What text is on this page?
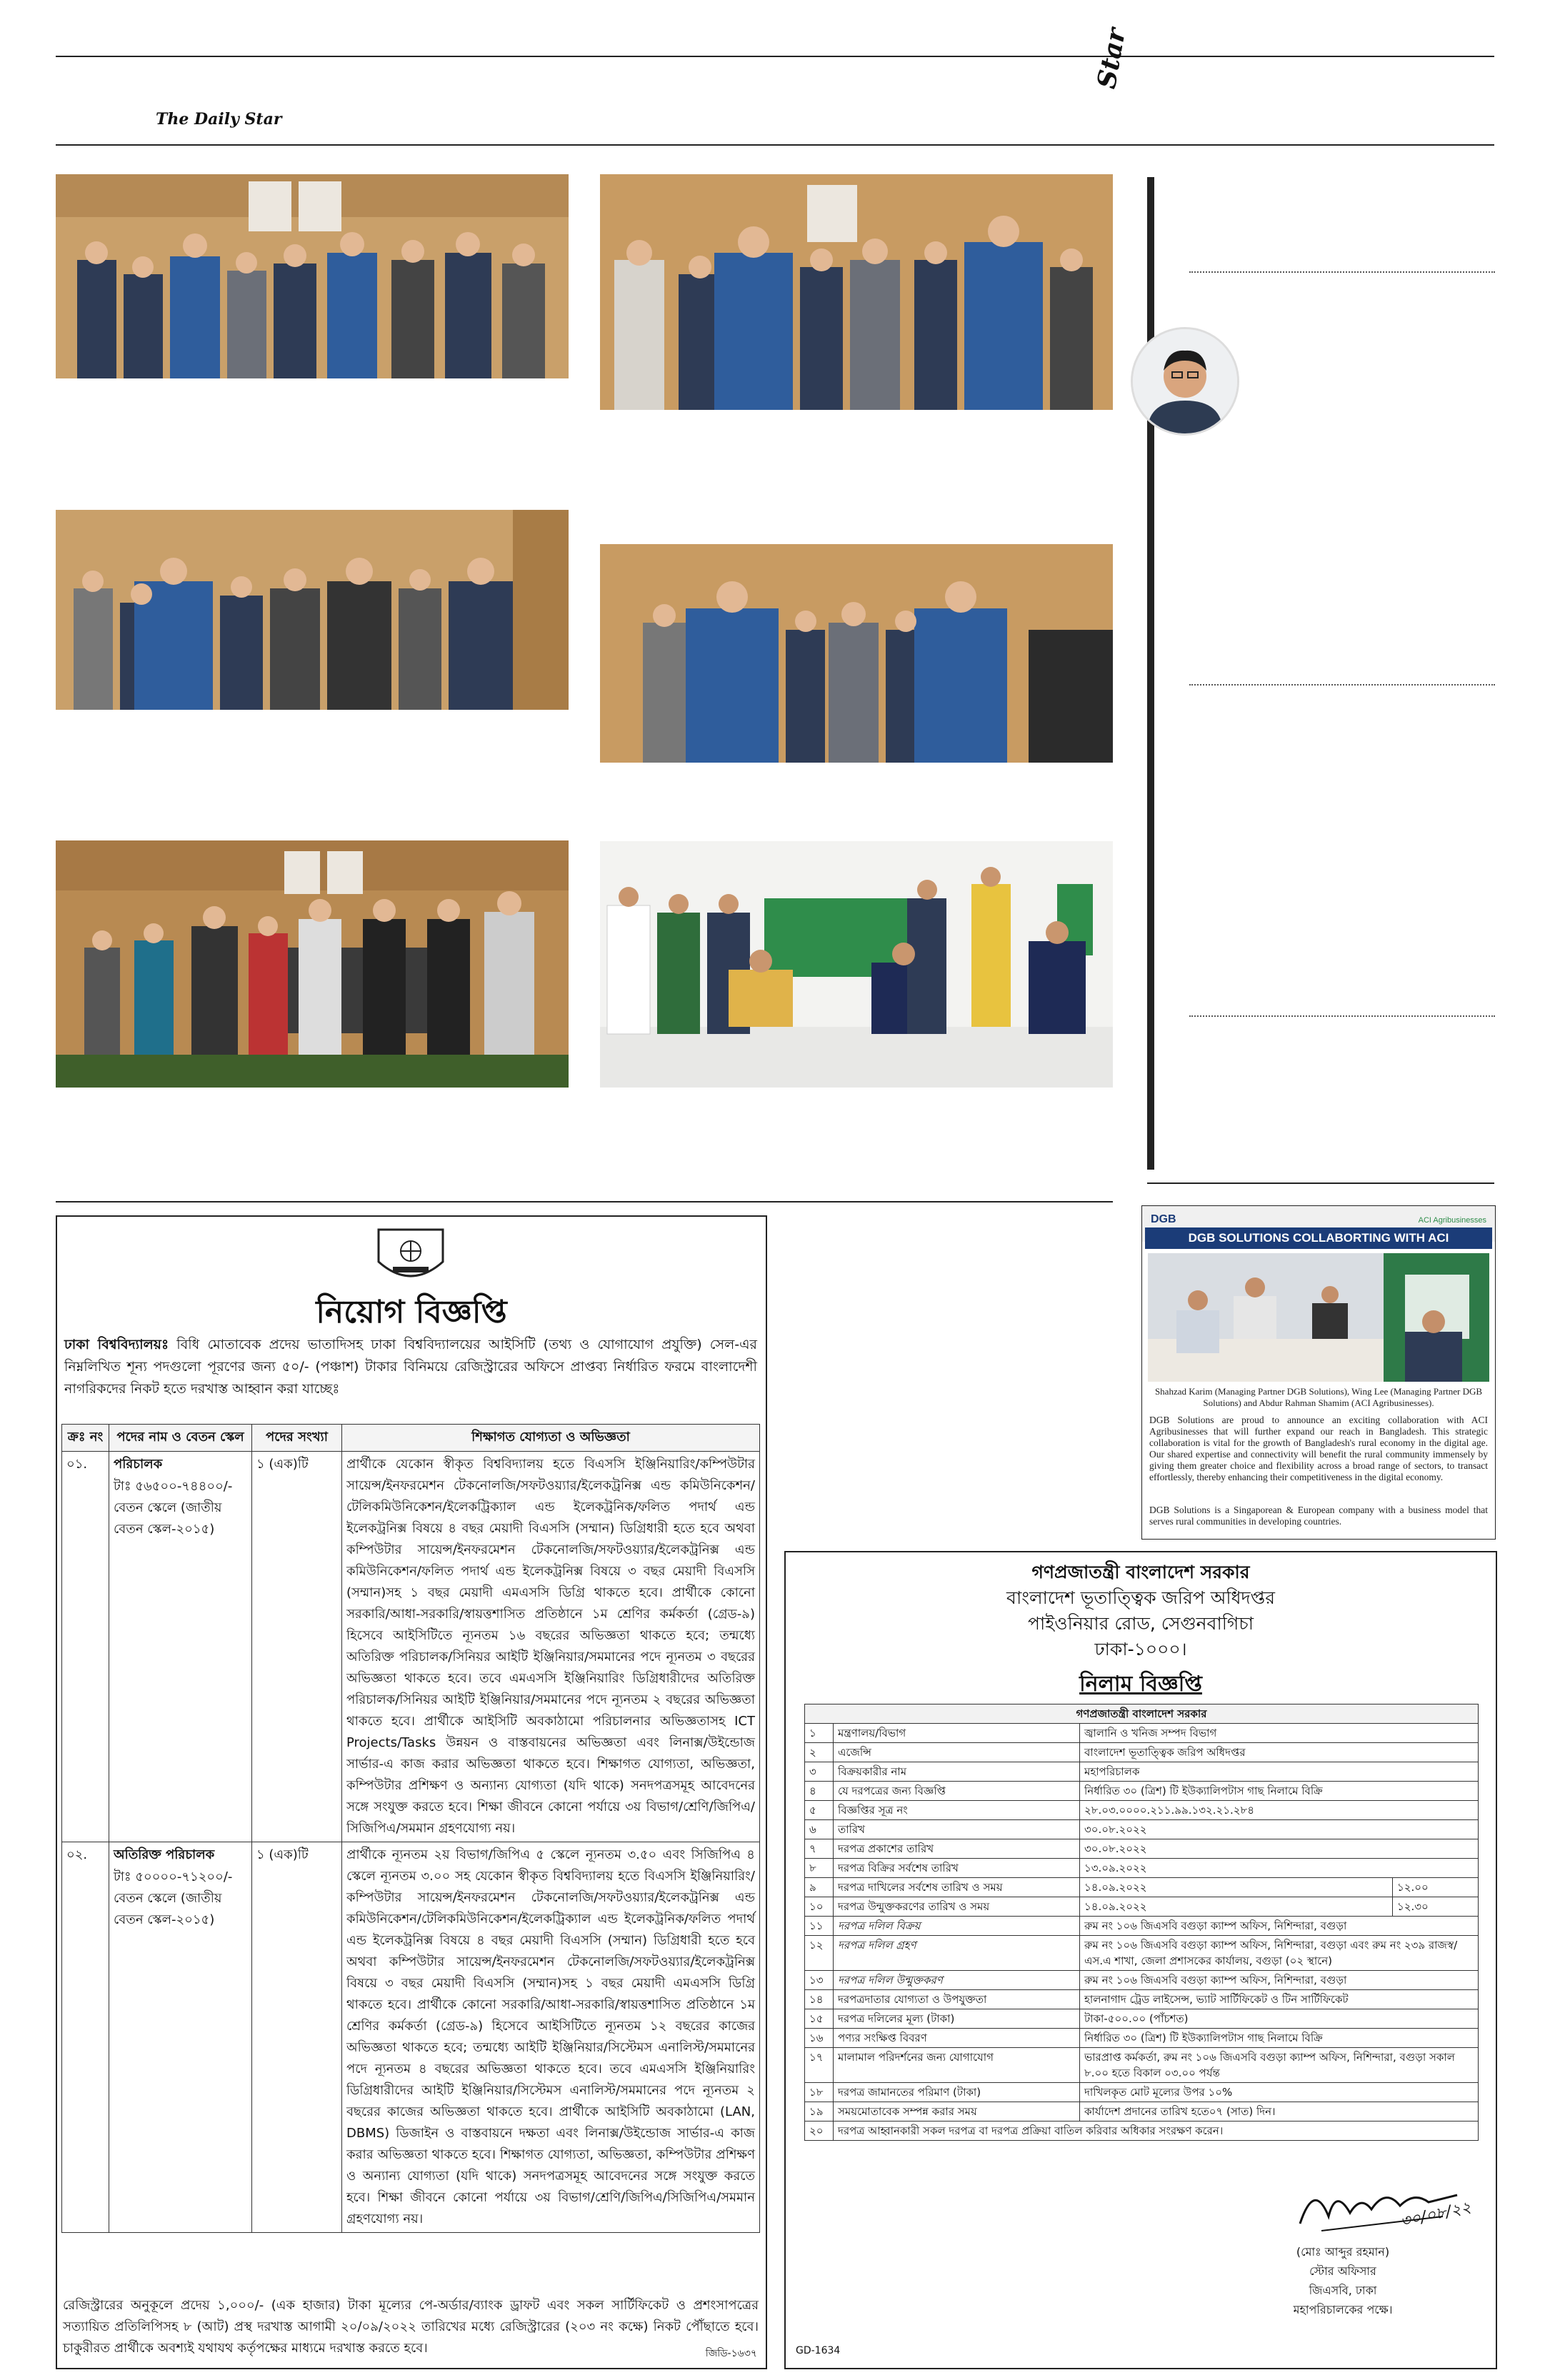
The Daily Star
Star
নিয়োগ বিজ্ঞপ্তি
ঢাকা বিশ্ববিদ্যালয়ঃ বিধি মোতাবেক প্রদেয় ভাতাদিসহ ঢাকা বিশ্ববিদ্যালয়ের আইসিটি (তথ্য ও যোগাযোগ প্রযুক্তি) সেল-এর নিম্নলিখিত শূন্য পদগুলো পূরণের জন্য ৫০/- (পঞ্চাশ) টাকার বিনিময়ে রেজিস্ট্রারের অফিসে প্রাপ্তব্য নির্ধারিত ফরমে বাংলাদেশী নাগরিকদের নিকট হতে দরখাস্ত আহ্বান করা যাচ্ছেঃ
ক্রঃ নং	পদের নাম ও বেতন স্কেল	পদের সংখ্যা	শিক্ষাগত যোগ্যতা ও অভিজ্ঞতা
০১.	পরিচালক
টাঃ ৫৬৫০০-৭৪৪০০/- বেতন স্কেলে (জাতীয় বেতন স্কেল-২০১৫)	১ (এক)টি	প্রার্থীকে যেকোন স্বীকৃত বিশ্ববিদ্যালয় হতে বিএসসি ইঞ্জিনিয়ারিং/কম্পিউটার সায়েন্স/ইনফরমেশন টেকনোলজি/সফটওয়্যার/ইলেকট্রনিক্স এন্ড কমিউনিকেশন/টেলিকমিউনিকেশন/ইলেকট্রিক্যাল এন্ড ইলেকট্রনিক/ফলিত পদার্থ এন্ড ইলেকট্রনিক্স বিষয়ে ৪ বছর মেয়াদী বিএসসি (সম্মান) ডিগ্রিধারী হতে হবে অথবা কম্পিউটার সায়েন্স/ইনফরমেশন টেকনোলজি/সফটওয়্যার/ইলেকট্রনিক্স এন্ড কমিউনিকেশন/ফলিত পদার্থ এন্ড ইলেকট্রনিক্স বিষয়ে ৩ বছর মেয়াদী বিএসসি (সম্মান)সহ ১ বছর মেয়াদী এমএসসি ডিগ্রি থাকতে হবে। প্রার্থীকে কোনো সরকারি/আধা-সরকারি/স্বায়ত্তশাসিত প্রতিষ্ঠানে ১ম শ্রেণির কর্মকর্তা (গ্রেড-৯) হিসেবে আইসিটিতে ন্যূনতম ১৬ বছরের অভিজ্ঞতা থাকতে হবে; তন্মধ্যে অতিরিক্ত পরিচালক/সিনিয়র আইটি ইঞ্জিনিয়ার/সমমানের পদে ন্যূনতম ৩ বছরের অভিজ্ঞতা থাকতে হবে। তবে এমএসসি ইঞ্জিনিয়ারিং ডিগ্রিধারীদের অতিরিক্ত পরিচালক/সিনিয়র আইটি ইঞ্জিনিয়ার/সমমানের পদে ন্যূনতম ২ বছরের অভিজ্ঞতা থাকতে হবে। প্রার্থীকে আইসিটি অবকাঠামো পরিচালনার অভিজ্ঞতাসহ ICT Projects/Tasks উন্নয়ন ও বাস্তবায়নের অভিজ্ঞতা এবং লিনাক্স/উইন্ডোজ সার্ভার-এ কাজ করার অভিজ্ঞতা থাকতে হবে। শিক্ষাগত যোগ্যতা, অভিজ্ঞতা, কম্পিউটার প্রশিক্ষণ ও অন্যান্য যোগ্যতা (যদি থাকে) সনদপত্রসমূহ আবেদনের সঙ্গে সংযুক্ত করতে হবে। শিক্ষা জীবনে কোনো পর্যায়ে ৩য় বিভাগ/শ্রেণি/জিপিএ/সিজিপিএ/সমমান গ্রহণযোগ্য নয়।
০২.	অতিরিক্ত পরিচালক
টাঃ ৫০০০০-৭১২০০/- বেতন স্কেলে (জাতীয় বেতন স্কেল-২০১৫)	১ (এক)টি	প্রার্থীকে ন্যূনতম ২য় বিভাগ/জিপিএ ৫ স্কেলে ন্যূনতম ৩.৫০ এবং সিজিপিএ ৪ স্কেলে ন্যূনতম ৩.০০ সহ যেকোন স্বীকৃত বিশ্ববিদ্যালয় হতে বিএসসি ইঞ্জিনিয়ারিং/কম্পিউটার সায়েন্স/ইনফরমেশন টেকনোলজি/সফটওয়্যার/ইলেকট্রনিক্স এন্ড কমিউনিকেশন/টেলিকমিউনিকেশন/ইলেকট্রিক্যাল এন্ড ইলেকট্রনিক/ফলিত পদার্থ এন্ড ইলেকট্রনিক্স বিষয়ে ৪ বছর মেয়াদী বিএসসি (সম্মান) ডিগ্রিধারী হতে হবে অথবা কম্পিউটার সায়েন্স/ইনফরমেশন টেকনোলজি/সফটওয়্যার/ইলেকট্রনিক্স বিষয়ে ৩ বছর মেয়াদী বিএসসি (সম্মান)সহ ১ বছর মেয়াদী এমএসসি ডিগ্রি থাকতে হবে। প্রার্থীকে কোনো সরকারি/আধা-সরকারি/স্বায়ত্তশাসিত প্রতিষ্ঠানে ১ম শ্রেণির কর্মকর্তা (গ্রেড-৯) হিসেবে আইসিটিতে ন্যূনতম ১২ বছরের কাজের অভিজ্ঞতা থাকতে হবে; তন্মধ্যে আইটি ইঞ্জিনিয়ার/সিস্টেমস এনালিস্ট/সমমানের পদে ন্যূনতম ৪ বছরের অভিজ্ঞতা থাকতে হবে। তবে এমএসসি ইঞ্জিনিয়ারিং ডিগ্রিধারীদের আইটি ইঞ্জিনিয়ার/সিস্টেমস এনালিস্ট/সমমানের পদে ন্যূনতম ২ বছরের কাজের অভিজ্ঞতা থাকতে হবে। প্রার্থীকে আইসিটি অবকাঠামো (LAN, DBMS) ডিজাইন ও বাস্তবায়নে দক্ষতা এবং লিনাক্স/উইন্ডোজ সার্ভার-এ কাজ করার অভিজ্ঞতা থাকতে হবে। শিক্ষাগত যোগ্যতা, অভিজ্ঞতা, কম্পিউটার প্রশিক্ষণ ও অন্যান্য যোগ্যতা (যদি থাকে) সনদপত্রসমূহ আবেদনের সঙ্গে সংযুক্ত করতে হবে। শিক্ষা জীবনে কোনো পর্যায়ে ৩য় বিভাগ/শ্রেণি/জিপিএ/সিজিপিএ/সমমান গ্রহণযোগ্য নয়।
রেজিস্ট্রারের অনুকূলে প্রদেয় ১,০০০/- (এক হাজার) টাকা মূল্যের পে-অর্ডার/ব্যাংক ড্রাফট এবং সকল সার্টিফিকেট ও প্রশংসাপত্রের সত্যায়িত প্রতিলিপিসহ ৮ (আট) প্রস্থ দরখাস্ত আগামী ২০/০৯/২০২২ তারিখের মধ্যে রেজিস্ট্রারের (২০৩ নং কক্ষে) নিকট পৌঁছাতে হবে। চাকুরীরত প্রার্থীকে অবশ্যই যথাযথ কর্তৃপক্ষের মাধ্যমে দরখাস্ত করতে হবে।	জিডি-১৬৩৭
DGB	ACI Agribusinesses
DGB SOLUTIONS COLLABORTING WITH ACI
Shahzad Karim (Managing Partner DGB Solutions), Wing Lee (Managing Partner DGB Solutions) and Abdur Rahman Shamim (ACI Agribusinesses).
DGB Solutions are proud to announce an exciting collaboration with ACI Agribusinesses that will further expand our reach in Bangladesh. This strategic collaboration is vital for the growth of Bangladesh's rural economy in the digital age. Our shared expertise and connectivity will benefit the rural community immensely by giving them greater choice and flexibility across a broad range of sectors, to transact effortlessly, thereby enhancing their competitiveness in the digital economy.
DGB Solutions is a Singaporean & European company with a business model that serves rural communities in developing countries.
গণপ্রজাতন্ত্রী বাংলাদেশ সরকার
বাংলাদেশ ভূতাত্ত্বিক জরিপ অধিদপ্তর
পাইওনিয়ার রোড, সেগুনবাগিচা
ঢাকা-১০০০।
নিলাম বিজ্ঞপ্তি
গণপ্রজাতন্ত্রী বাংলাদেশ সরকার			
১	মন্ত্রণালয়/বিভাগ	জ্বালানি ও খনিজ সম্পদ বিভাগ	
২	এজেন্সি	বাংলাদেশ ভূতাত্ত্বিক জরিপ অধিদপ্তর	
৩	বিক্রয়কারীর নাম	মহাপরিচালক	
৪	যে দরপত্রের জন্য বিজ্ঞপ্তি	নির্ধারিত ৩০ (ত্রিশ) টি ইউক্যালিপটাস গাছ নিলামে বিক্রি	
৫	বিজ্ঞপ্তির সূত্র নং	২৮.০৩.০০০০.২১১.৯৯.১৩২.২১.২৮৪	
৬	তারিখ	৩০.০৮.২০২২	
৭	দরপত্র প্রকাশের তারিখ	৩০.০৮.২০২২	
৮	দরপত্র বিক্রির সর্বশেষ তারিখ	১৩.০৯.২০২২	
৯	দরপত্র দাখিলের সর্বশেষ তারিখ ও সময়	১৪.০৯.২০২২	১২.০০
১০	দরপত্র উন্মুক্তকরণের তারিখ ও সময়	১৪.০৯.২০২২	১২.৩০
১১	দরপত্র দলিল বিক্রয়	রুম নং ১০৬ জিএসবি বগুড়া ক্যাম্প অফিস, নিশিন্দারা, বগুড়া	
১২	দরপত্র দলিল গ্রহণ	রুম নং ১০৬ জিএসবি বগুড়া ক্যাম্প অফিস, নিশিন্দারা, বগুড়া এবং রুম নং ২৩৯ রাজস্ব/এস.এ শাখা, জেলা প্রশাসকের কার্যালয়, বগুড়া (০২ স্থানে)	
১৩	দরপত্র দলিল উন্মুক্তকরণ	রুম নং ১০৬ জিএসবি বগুড়া ক্যাম্প অফিস, নিশিন্দারা, বগুড়া	
১৪	দরপত্রদাতার যোগ্যতা ও উপযুক্ততা	হালনাগাদ ট্রেড লাইসেন্স, ভ্যাট সার্টিফিকেট ও টিন সার্টিফিকেট	
১৫	দরপত্র দলিলের মূল্য (টাকা)	টাকা-৫০০.০০ (পাঁচশত)	
১৬	পণ্যর সংক্ষিপ্ত বিবরণ	নির্ধারিত ৩০ (ত্রিশ) টি ইউক্যালিপটাস গাছ নিলামে বিক্রি	
১৭	মালামাল পরিদর্শনের জন্য যোগাযোগ	ভারপ্রাপ্ত কর্মকর্তা, রুম নং ১০৬ জিএসবি বগুড়া ক্যাম্প অফিস, নিশিন্দারা, বগুড়া সকাল ৮.০০ হতে বিকাল ০৩.০০ পর্যন্ত	
১৮	দরপত্র জামানতের পরিমাণ (টাকা)	দাখিলকৃত মোট মূল্যের উপর ১০%	
১৯	সময়মোতাবেক সম্পন্ন করার সময়	কার্যাদেশ প্রদানের তারিখ হতে০৭ (সাত) দিন।	
২০	দরপত্র আহ্বানকারী সকল দরপত্র বা দরপত্র প্রক্রিয়া বাতিল করিবার অধিকার সংরক্ষণ করেন।		
৩০/০৮/২২
(মোঃ আব্দুর রহমান)
স্টোর অফিসার
জিএসবি, ঢাকা
মহাপরিচালকের পক্ষে।
GD-1634
